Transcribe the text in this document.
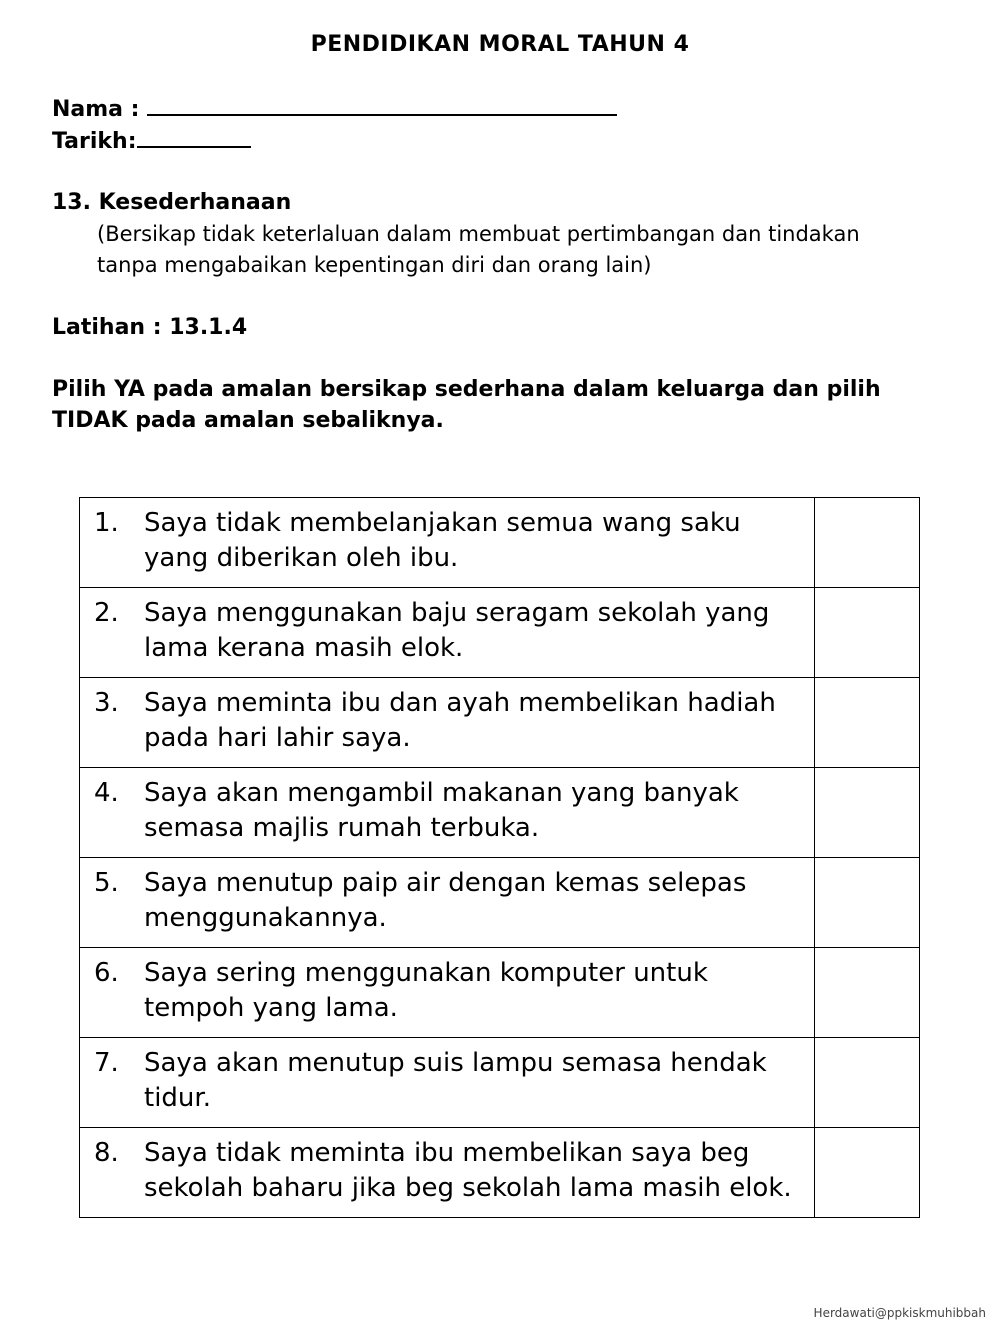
PENDIDIKAN MORAL TAHUN 4
Nama :
Tarikh:
13. Kesederhanaan
(Bersikap tidak keterlaluan dalam membuat pertimbangan dan tindakan
tanpa mengabaikan kepentingan diri dan orang lain)
Latihan : 13.1.4
Pilih YA pada amalan bersikap sederhana dalam keluarga dan pilih
TIDAK pada amalan sebaliknya.
1. Saya tidak membelanjakan semua wang saku yang diberikan oleh ibu.	

2. Saya menggunakan baju seragam sekolah yang lama kerana masih elok.	

3. Saya meminta ibu dan ayah membelikan hadiah pada hari lahir saya.	

4. Saya akan mengambil makanan yang banyak semasa majlis rumah terbuka.	

5. Saya menutup paip air dengan kemas selepas menggunakannya.	

6. Saya sering menggunakan komputer untuk tempoh yang lama.	

7. Saya akan menutup suis lampu semasa hendak tidur.	

8. Saya tidak meminta ibu membelikan saya beg sekolah baharu jika beg sekolah lama masih elok.	

Herdawati@ppkiskmuhibbah
